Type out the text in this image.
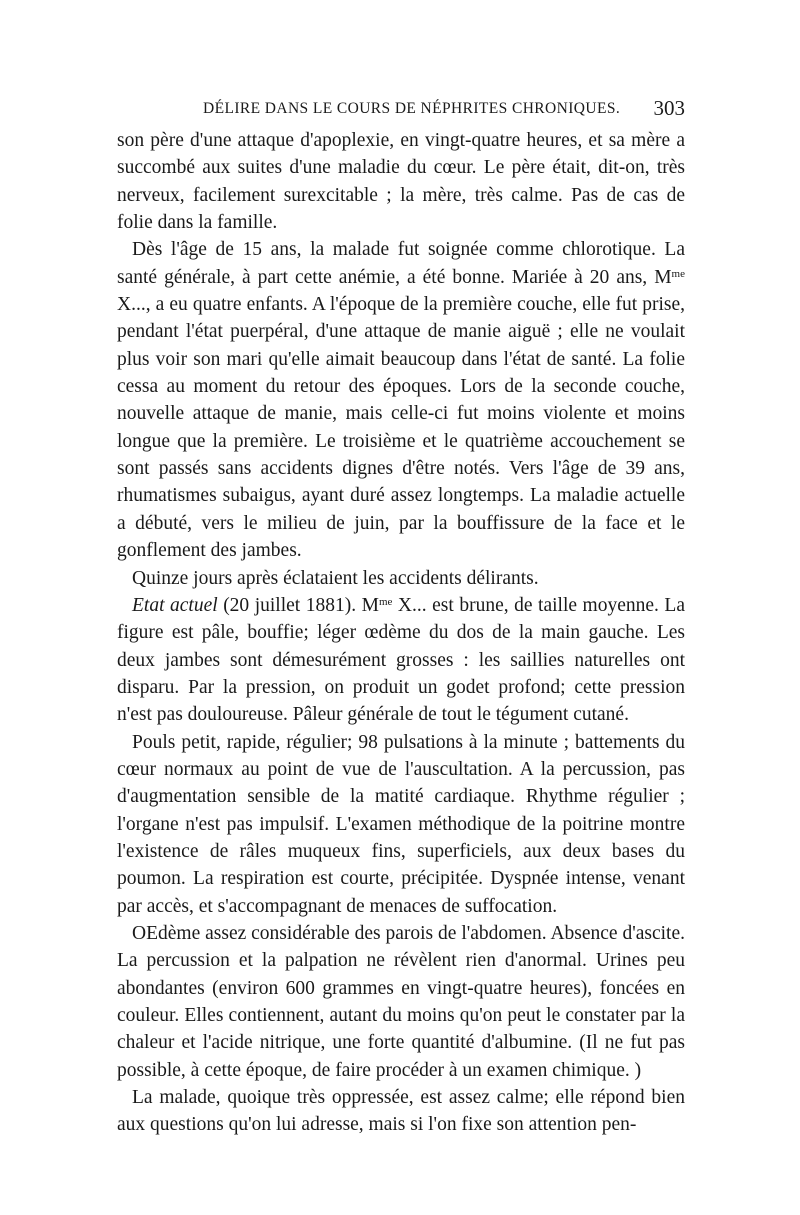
DÉLIRE DANS LE COURS DE NÉPHRITES CHRONIQUES. 303

son père d'une attaque d'apoplexie, en vingt-quatre heures, et sa mère a succombé aux suites d'une maladie du cœur. Le père était, dit-on, très nerveux, facilement surexcitable ; la mère, très calme. Pas de cas de folie dans la famille.

Dès l'âge de 15 ans, la malade fut soignée comme chlorotique. La santé générale, à part cette anémie, a été bonne. Mariée à 20 ans, $M^{me}$ X..., a eu quatre enfants. A l'époque de la première couche, elle fut prise, pendant l'état puerpéral, d'une attaque de manie aiguë ; elle ne voulait plus voir son mari qu'elle aimait beaucoup dans l'état de santé. La folie cessa au moment du retour des époques. Lors de la seconde couche, nouvelle attaque de manie, mais celle-ci fut moins violente et moins longue que la première. Le troisième et le quatrième accouchement se sont passés sans accidents dignes d'être notés. Vers l'âge de 39 ans, rhumatismes subaigus, ayant duré assez longtemps. La maladie actuelle a débuté, vers le milieu de juin, par la bouffissure de la face et le gonflement des jambes.

Quinze jours après éclataient les accidents délirants.

Etat actuel (20 juillet 1881). $M^{me}$ X... est brune, de taille moyenne. La figure est pâle, bouffie; léger œdème du dos de la main gauche. Les deux jambes sont démesurément grosses : les saillies naturelles ont disparu. Par la pression, on produit un godet profond; cette pression n'est pas douloureuse. Pâleur générale de tout le tégument cutané.

Pouls petit, rapide, régulier; 98 pulsations à la minute ; battements du cœur normaux au point de vue de l'auscultation. A la percussion, pas d'augmentation sensible de la matité cardiaque. Rhythme régulier ; l'organe n'est pas impulsif. L'examen méthodique de la poitrine montre l'existence de râles muqueux fins, superficiels, aux deux bases du poumon. La respiration est courte, précipitée. Dyspnée intense, venant par accès, et s'accompagnant de menaces de suffocation.

OEdème assez considérable des parois de l'abdomen. Absence d'ascite. La percussion et la palpation ne révèlent rien d'anormal. Urines peu abondantes (environ 600 grammes en vingt-quatre heures), foncées en couleur. Elles contiennent, autant du moins qu'on peut le constater par la chaleur et l'acide nitrique, une forte quantité d'albumine. (Il ne fut pas possible, à cette époque, de faire procéder à un examen chimique. )

La malade, quoique très oppressée, est assez calme; elle répond bien aux questions qu'on lui adresse, mais si l'on fixe son attention pen-
